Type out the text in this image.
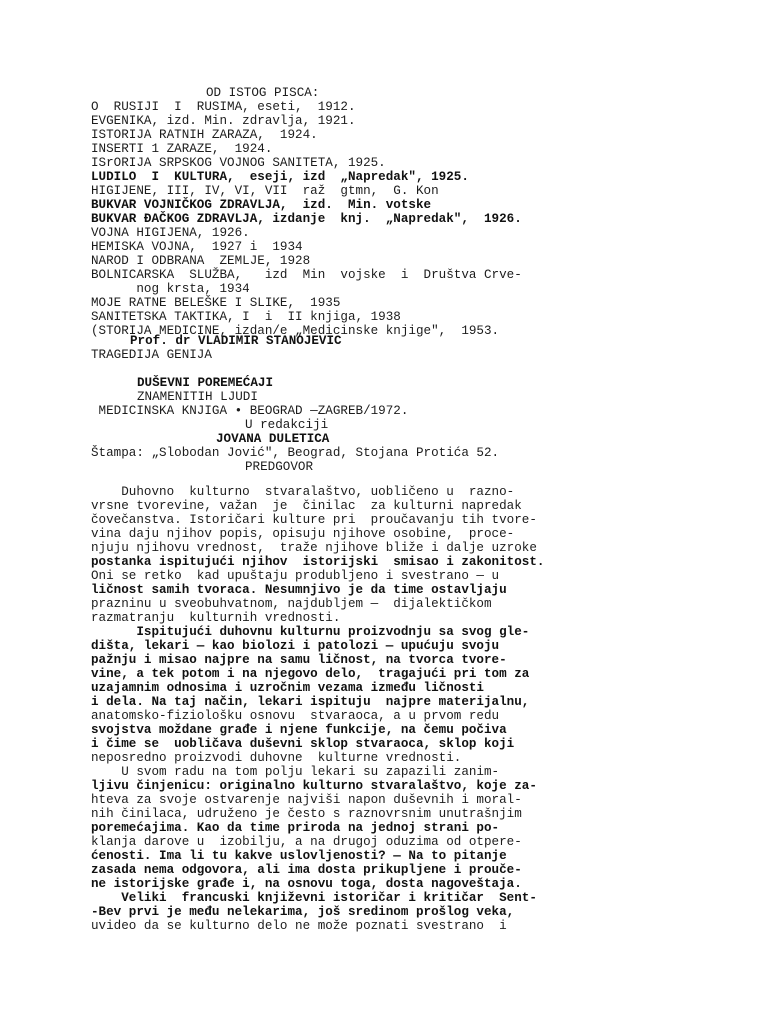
OD ISTOG PISCA:

O  RUSIJI  I  RUSIMA, eseti,  1912.

EVGENIKA, izd. Min. zdravlja, 1921.

ISTORIJA RATNIH ZARAZA,  1924.

INSERTI 1 ZARAZE,  1924.

ISrORIJA SRPSKOG VOJNOG SANITETA, 1925.

LUDILO  I  KULTURA,  eseji, izd  „Napredak", 1925.

HIGIJENE, III, IV, VI, VII  raž  gtmn,  G. Kon

BUKVAR VOJNIČKOG ZDRAVLJA,  izd.  Min. votske

BUKVAR ĐAČKOG ZDRAVLJA, izdanje  knj.  „Napredak",  1926.

VOJNA HIGIJENA, 1926.

HEMISKA VOJNA,  1927 i  1934

NAROD I ODBRANA  ZEMLJE, 1928

BOLNICARSKA  SLUŽBA,   izd  Min  vojske  i  Društva Crve-

nog krsta, 1934

MOJE RATNE BELEŠKE I SLIKE,  1935

SANITETSKA TAKTIKA, I  i  II knjiga, 1938

(STORIJA MEDICINE, izdan/e „Medicinske knjige",  1953.

Prof. dr VLADIMIR STANOJEVIC

TRAGEDIJA GENIJA

DUŠEVNI POREMEĆAJI

ZNAMENITIH LJUDI

MEDICINSKA KNJIGA • BEOGRAD —ZAGREB/1972.

U redakciji

JOVANA DULETICA

Štampa: „Slobodan Jović", Beograd, Stojana Protića 52.

PREDGOVOR

Duhovno  kulturno  stvaralaštvo, uobličeno u  razno-

vrsne tvorevine, važan  je  činilac  za kulturni napredak

čovečanstva. Istoričari kulture pri  proučavanju tih tvore-

vina daju njihov popis, opisuju njihove osobine,  proce-

njuju njihovu vrednost,  traže njihove bliže i dalje uzroke

postanka ispitujući njihov  istorijski  smisao i zakonitost.

Oni se retko  kad upuštaju produbljeno i svestrano — u

ličnost samih tvoraca. Nesumnjivo je da time ostavljaju

prazninu u sveobuhvatnom, najdubljem —  dijalektičkom

razmatranju  kulturnih vrednosti.

Ispitujući duhovnu kulturnu proizvodnju sa svog gle-

dišta, lekari — kao biolozi i patolozi — upućuju svoju

pažnju i misao najpre na samu ličnost, na tvorca tvore-

vine, a tek potom i na njegovo delo,  tragajući pri tom za

uzajamnim odnosima i uzročnim vezama između ličnosti

i dela. Na taj način, lekari ispituju  najpre materijalnu,

anatomsko-fiziološku osnovu  stvaraoca, a u prvom redu

svojstva moždane građe i njene funkcije, na čemu počiva

i čime se  uobličava duševni sklop stvaraoca, sklop koji

neposredno proizvodi duhovne  kulturne vrednosti.

U svom radu na tom polju lekari su zapazili zanim-

ljivu činjenicu: originalno kulturno stvaralaštvo, koje za-

hteva za svoje ostvarenje najviši napon duševnih i moral-

nih činilaca, udruženo je često s raznovrsnim unutrašnjim

poremećajima. Kao da time priroda na jednoj strani po-

klanja darove u  izobilju, a na drugoj oduzima od otpere-

ćenosti. Ima li tu kakve uslovljenosti? — Na to pitanje

zasada nema odgovora, ali ima dosta prikupljene i prouče-

ne istorijske građe i, na osnovu toga, dosta nagoveštaja.

Veliki  francuski književni istoričar i kritičar  Sent-

-Bev prvi je među nelekarima, još sredinom prošlog veka,

uvideo da se kulturno delo ne može poznati svestrano  i
